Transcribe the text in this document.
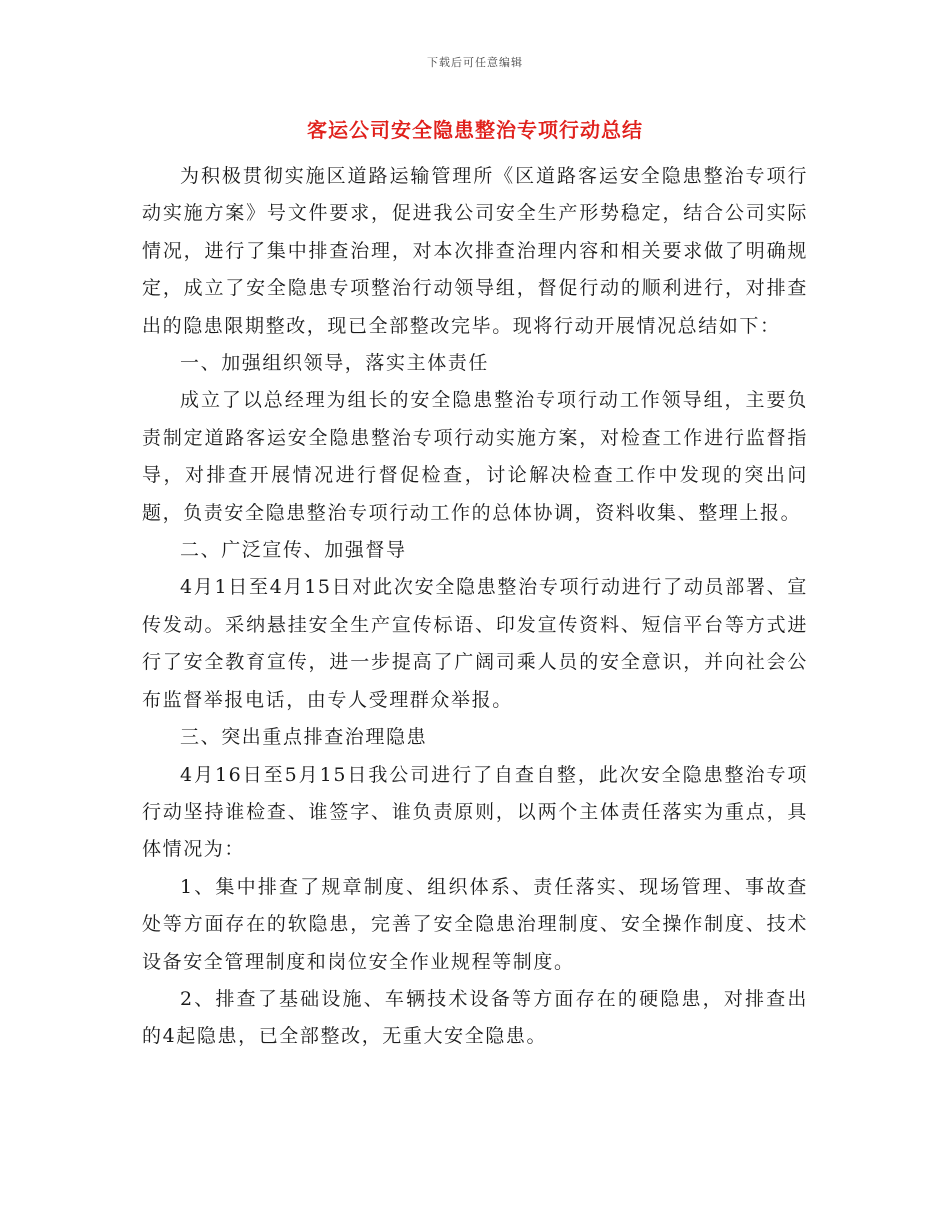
下载后可任意编辑
客运公司安全隐患整治专项行动总结

为积极贯彻实施区道路运输管理所《区道路客运安全隐患整治专项行动实施方案》号文件要求，促进我公司安全生产形势稳定，结合公司实际情况，进行了集中排查治理，对本次排查治理内容和相关要求做了明确规定，成立了安全隐患专项整治行动领导组，督促行动的顺利进行，对排查出的隐患限期整改，现已全部整改完毕。现将行动开展情况总结如下：

一、加强组织领导，落实主体责任

成立了以总经理为组长的安全隐患整治专项行动工作领导组，主要负责制定道路客运安全隐患整治专项行动实施方案，对检查工作进行监督指导，对排查开展情况进行督促检查，讨论解决检查工作中发现的突出问题，负责安全隐患整治专项行动工作的总体协调，资料收集、整理上报。

二、广泛宣传、加强督导

4月1日至4月15日对此次安全隐患整治专项行动进行了动员部署、宣传发动。采纳悬挂安全生产宣传标语、印发宣传资料、短信平台等方式进行了安全教育宣传，进一步提高了广阔司乘人员的安全意识，并向社会公布监督举报电话，由专人受理群众举报。

三、突出重点排查治理隐患

4月16日至5月15日我公司进行了自查自整，此次安全隐患整治专项行动坚持谁检查、谁签字、谁负责原则，以两个主体责任落实为重点，具体情况为：

1、集中排查了规章制度、组织体系、责任落实、现场管理、事故查处等方面存在的软隐患，完善了安全隐患治理制度、安全操作制度、技术设备安全管理制度和岗位安全作业规程等制度。

2、排查了基础设施、车辆技术设备等方面存在的硬隐患，对排查出的4起隐患，已全部整改，无重大安全隐患。
